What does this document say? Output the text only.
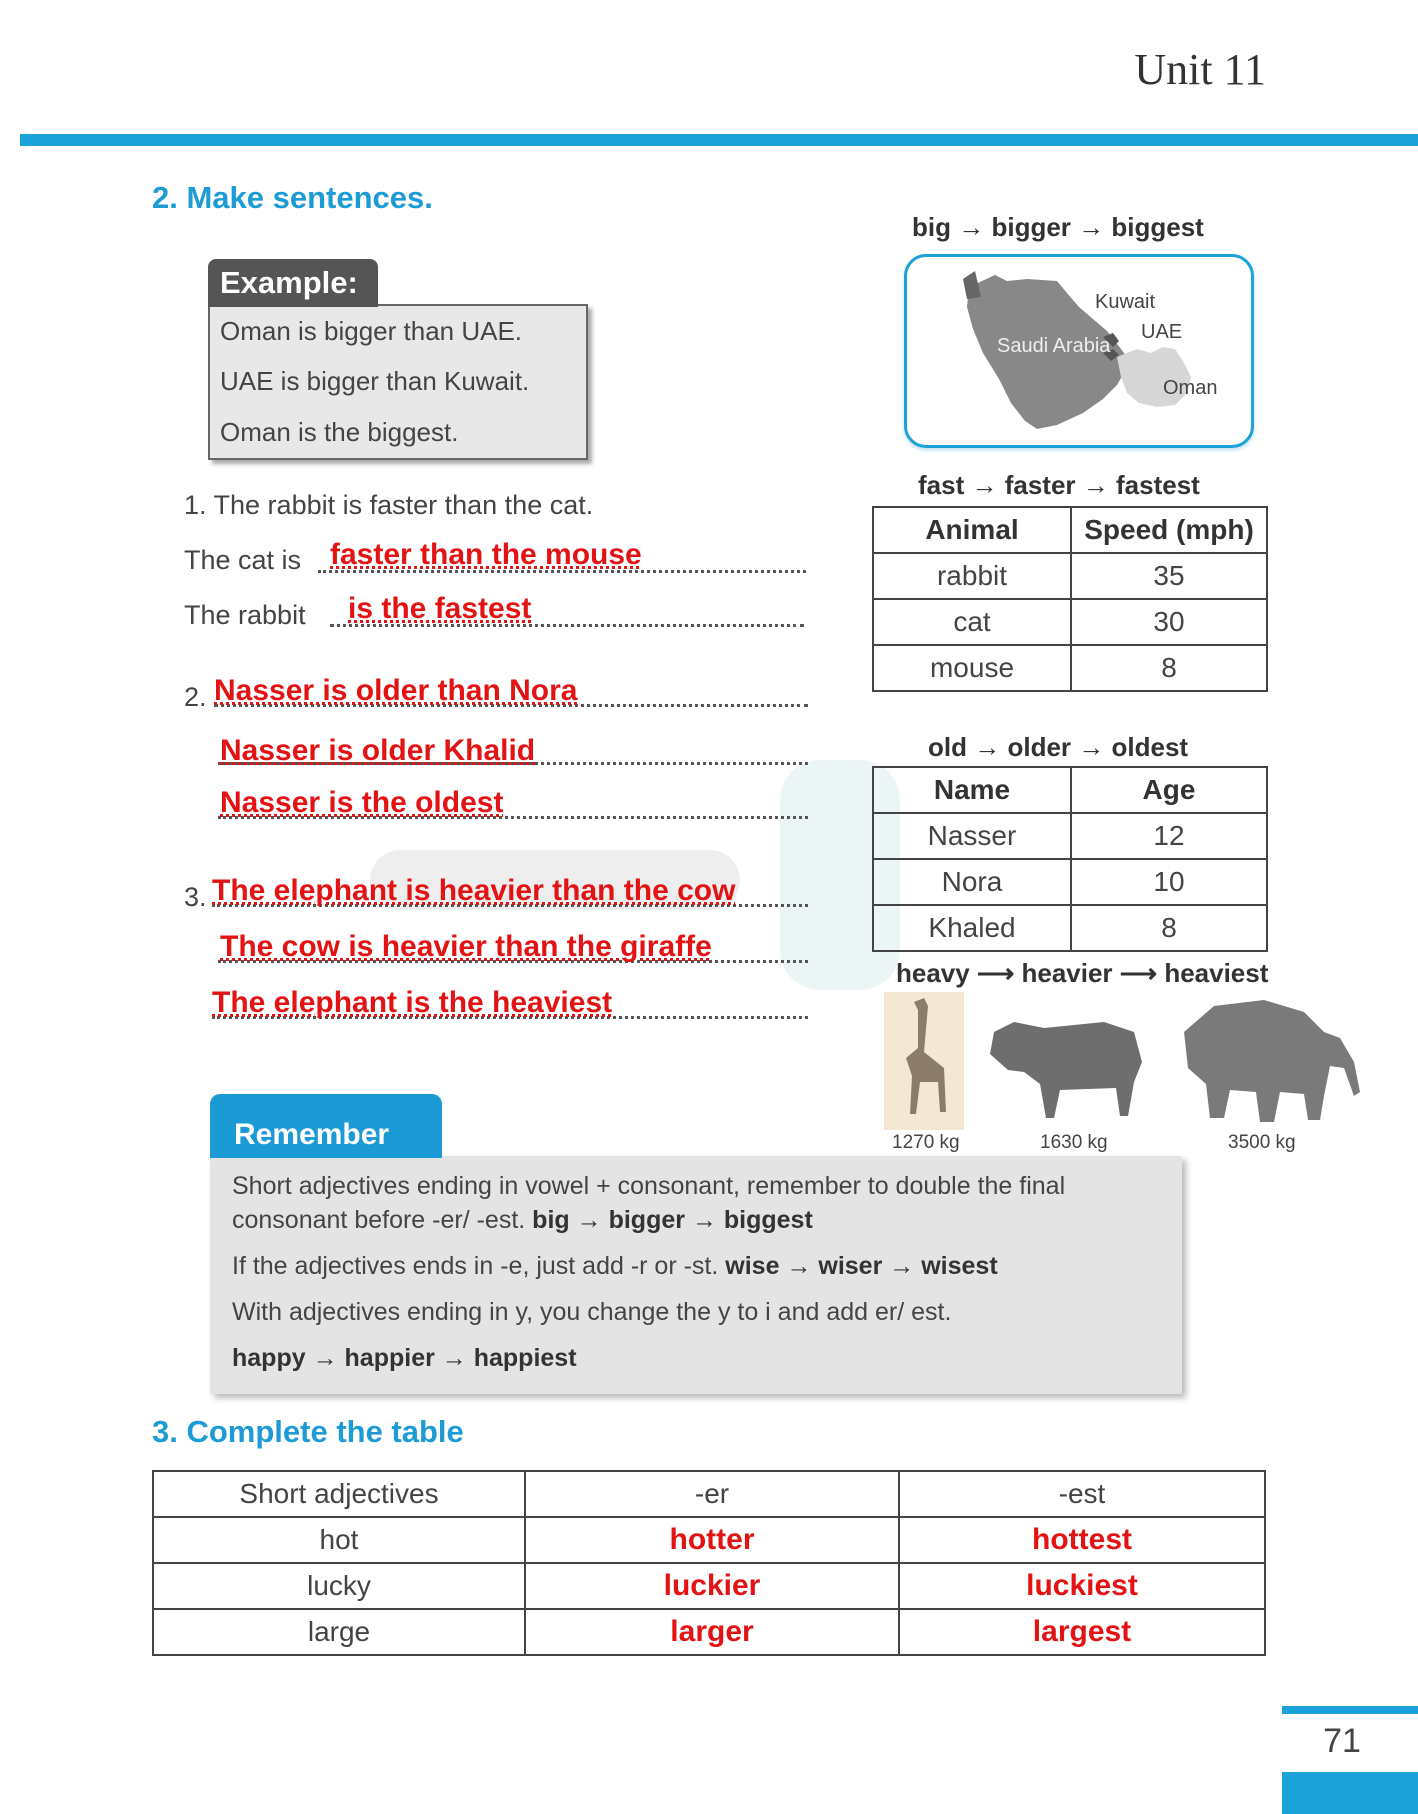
Unit 11
2. Make sentences.
Example:
Oman is bigger than UAE.
UAE is bigger than Kuwait.
Oman is the biggest.
1. The rabbit is faster than the cat.
The cat is faster than the mouse
The rabbit is the fastest
2. Nasser is older than Nora
Nasser is older Khalid
Nasser is the oldest
3. The elephant is heavier than the cow
The cow is heavier than the giraffe
The elephant is the heaviest
big → bigger → biggest
Kuwait
UAE
Saudi Arabia
Oman
fast → faster → fastest
Animal	Speed (mph)
rabbit	35
cat	30
mouse	8
old → older → oldest
Name	Age
Nasser	12
Nora	10
Khaled	8
heavy ⟶ heavier ⟶ heaviest
1270 kg	1630 kg	3500 kg
Remember
Short adjectives ending in vowel + consonant, remember to double the final
consonant before -er/ -est. big → bigger → biggest
If the adjectives ends in -e, just add -r or -st. wise → wiser → wisest
With adjectives ending in y, you change the y to i and add er/ est.
happy → happier → happiest
3. Complete the table
Short adjectives	-er	-est
hot	hotter	hottest
lucky	luckier	luckiest
large	larger	largest
71
